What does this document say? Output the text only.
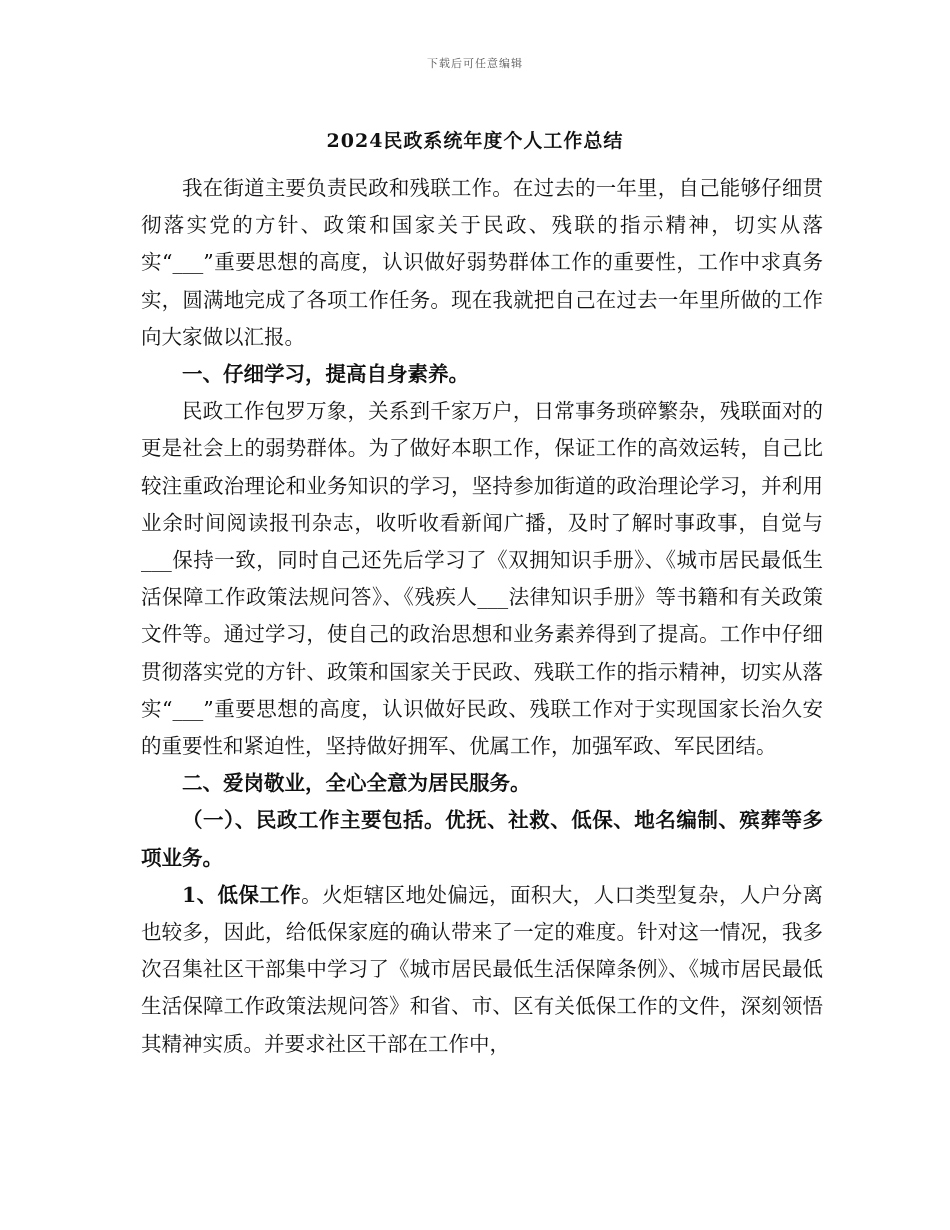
下载后可任意编辑
2024民政系统年度个人工作总结

我在街道主要负责民政和残联工作。在过去的一年里，自己能够仔细贯彻落实党的方针、政策和国家关于民政、残联的指示精神，切实从落实“___”重要思想的高度，认识做好弱势群体工作的重要性，工作中求真务实，圆满地完成了各项工作任务。现在我就把自己在过去一年里所做的工作向大家做以汇报。

一、仔细学习，提高自身素养。

民政工作包罗万象，关系到千家万户，日常事务琐碎繁杂，残联面对的更是社会上的弱势群体。为了做好本职工作，保证工作的高效运转，自己比较注重政治理论和业务知识的学习，坚持参加街道的政治理论学习，并利用业余时间阅读报刊杂志，收听收看新闻广播，及时了解时事政事，自觉与___保持一致，同时自己还先后学习了《双拥知识手册》、《城市居民最低生活保障工作政策法规问答》、《残疾人___法律知识手册》等书籍和有关政策文件等。通过学习，使自己的政治思想和业务素养得到了提高。工作中仔细贯彻落实党的方针、政策和国家关于民政、残联工作的指示精神，切实从落实“___”重要思想的高度，认识做好民政、残联工作对于实现国家长治久安的重要性和紧迫性，坚持做好拥军、优属工作，加强军政、军民团结。

二、爱岗敬业，全心全意为居民服务。

（一）、民政工作主要包括。优抚、社救、低保、地名编制、殡葬等多项业务。

1、低保工作。火炬辖区地处偏远，面积大，人口类型复杂，人户分离也较多，因此，给低保家庭的确认带来了一定的难度。针对这一情况，我多次召集社区干部集中学习了《城市居民最低生活保障条例》、《城市居民最低生活保障工作政策法规问答》和省、市、区有关低保工作的文件，深刻领悟其精神实质。并要求社区干部在工作中，
